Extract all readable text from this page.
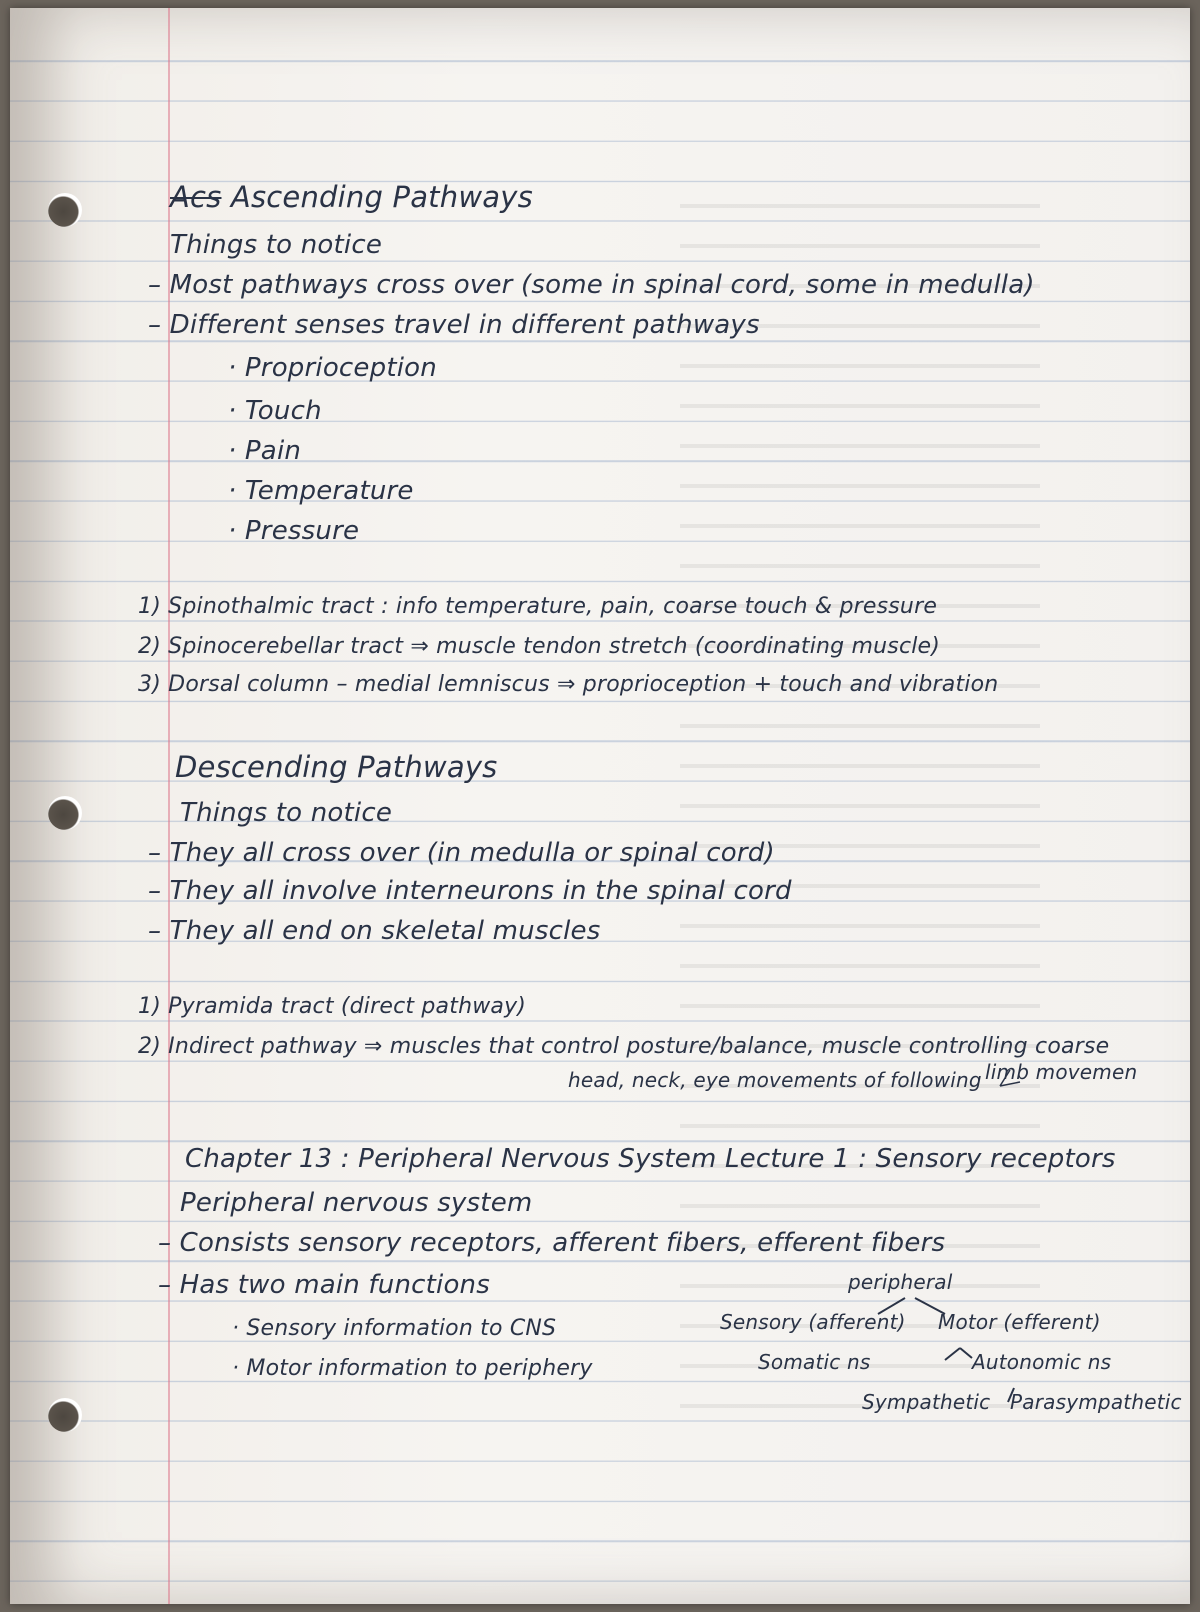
Acs Ascending Pathways
Things to notice
– Most pathways cross over (some in spinal cord, some in medulla)
– Different senses travel in different pathways
· Proprioception
· Touch
· Pain
· Temperature
· Pressure
1) Spinothalmic tract : info temperature, pain, coarse touch & pressure
2) Spinocerebellar tract ⇒ muscle tendon stretch (coordinating muscle)
3) Dorsal column – medial lemniscus ⇒ proprioception + touch and vibration
Descending Pathways
Things to notice
– They all cross over (in medulla or spinal cord)
– They all involve interneurons in the spinal cord
– They all end on skeletal muscles
1) Pyramida tract (direct pathway)
2) Indirect pathway ⇒ muscles that control posture/balance, muscle controlling coarse
head, neck, eye movements of following limb movemen
Chapter 13 : Peripheral Nervous System Lecture 1 : Sensory receptors
Peripheral nervous system
– Consists sensory receptors, afferent fibers, efferent fibers
– Has two main functions
· Sensory information to CNS
· Motor information to periphery
peripheral
Sensory (afferent) Motor (efferent)
Somatic ns	Autonomic ns
Sympathetic Parasympathetic
